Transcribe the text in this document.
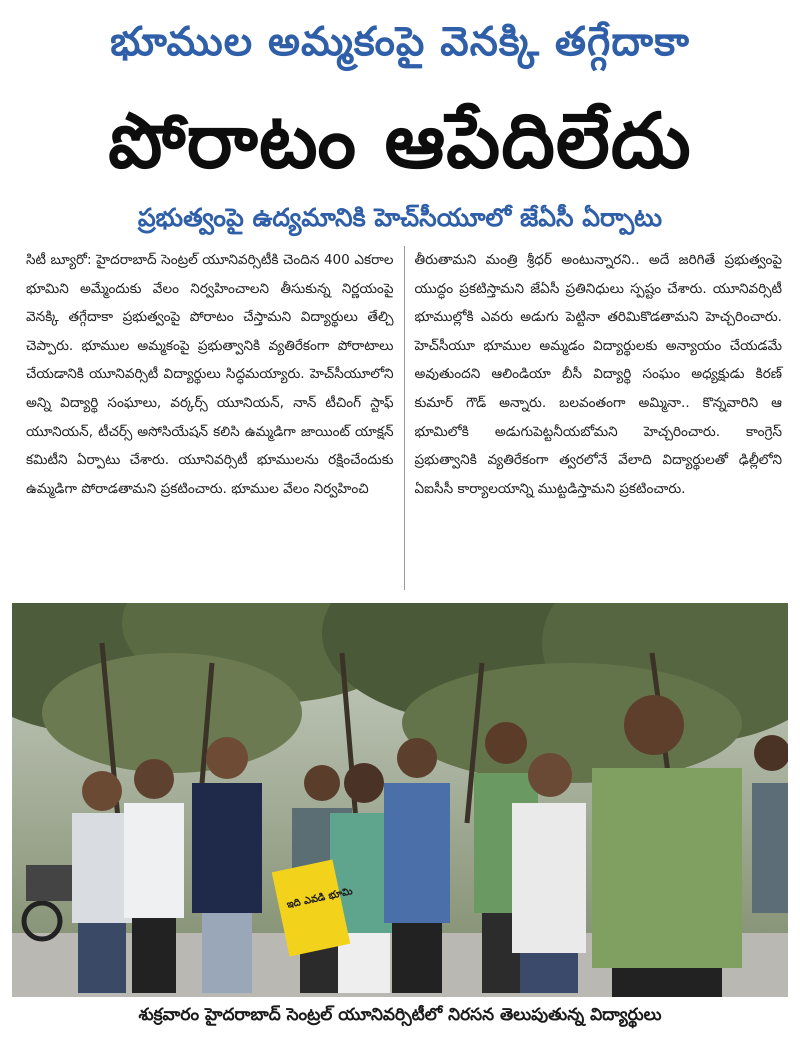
భూముల అమ్మకంపై వెనక్కి తగ్గేదాకా
పోరాటం ఆపేదిలేదు
ప్రభుత్వంపై ఉద్యమానికి హెచ్‌సీయూలో జేఏసీ ఏర్పాటు
సిటీ బ్యూరో: హైదరాబాద్ సెంట్రల్ యూనివర్సిటీకి చెందిన 400 ఎకరాల భూమిని అమ్మేందుకు వేలం నిర్వహించాలని తీసుకున్న నిర్ణయంపై వెనక్కి తగ్గేదాకా ప్రభుత్వంపై పోరాటం చేస్తామని విద్యార్థులు తేల్చి చెప్పారు. భూముల అమ్మకంపై ప్రభుత్వానికి వ్యతిరేకంగా పోరాటాలు చేయడానికి యూనివర్సిటీ విద్యార్థులు సిద్ధమయ్యారు. హెచ్‌సీయూలోని అన్ని విద్యార్థి సంఘాలు, వర్కర్స్ యూనియన్, నాన్ టీచింగ్ స్టాఫ్ యూనియన్, టీచర్స్ అసోసియేషన్ కలిసి ఉమ్మడిగా జాయింట్ యాక్షన్ కమిటీని ఏర్పాటు చేశారు. యూనివర్సిటీ భూములను రక్షించేందుకు ఉమ్మడిగా పోరాడతామని ప్రకటించారు. భూముల వేలం నిర్వహించి
తీరుతామని మంత్రి శ్రీధర్ అంటున్నారని.. అదే జరిగితే ప్రభుత్వంపై యుద్ధం ప్రకటిస్తామని జేఏసీ ప్రతినిధులు స్పష్టం చేశారు. యూనివర్సిటీ భూముల్లోకి ఎవరు అడుగు పెట్టినా తరిమికొడతామని హెచ్చరించారు. హెచ్‌సీయూ భూముల అమ్మడం విద్యార్థులకు అన్యాయం చేయడమే అవుతుందని ఆలిండియా బీసీ విద్యార్థి సంఘం అధ్యక్షుడు కిరణ్ కుమార్ గౌడ్ అన్నారు. బలవంతంగా అమ్మినా.. కొన్నవారిని ఆ భూమిలోకి అడుగుపెట్టనీయబోమని హెచ్చరించారు. కాంగ్రెస్ ప్రభుత్వానికి వ్యతిరేకంగా త్వరలోనే వేలాది విద్యార్థులతో ఢిల్లీలోని ఏఐసీసీ కార్యాలయాన్ని ముట్టడిస్తామని ప్రకటించారు.
ఇది ఎవడి భూమి
శుక్రవారం హైదరాబాద్ సెంట్రల్ యూనివర్సిటీలో నిరసన తెలుపుతున్న విద్యార్థులు
